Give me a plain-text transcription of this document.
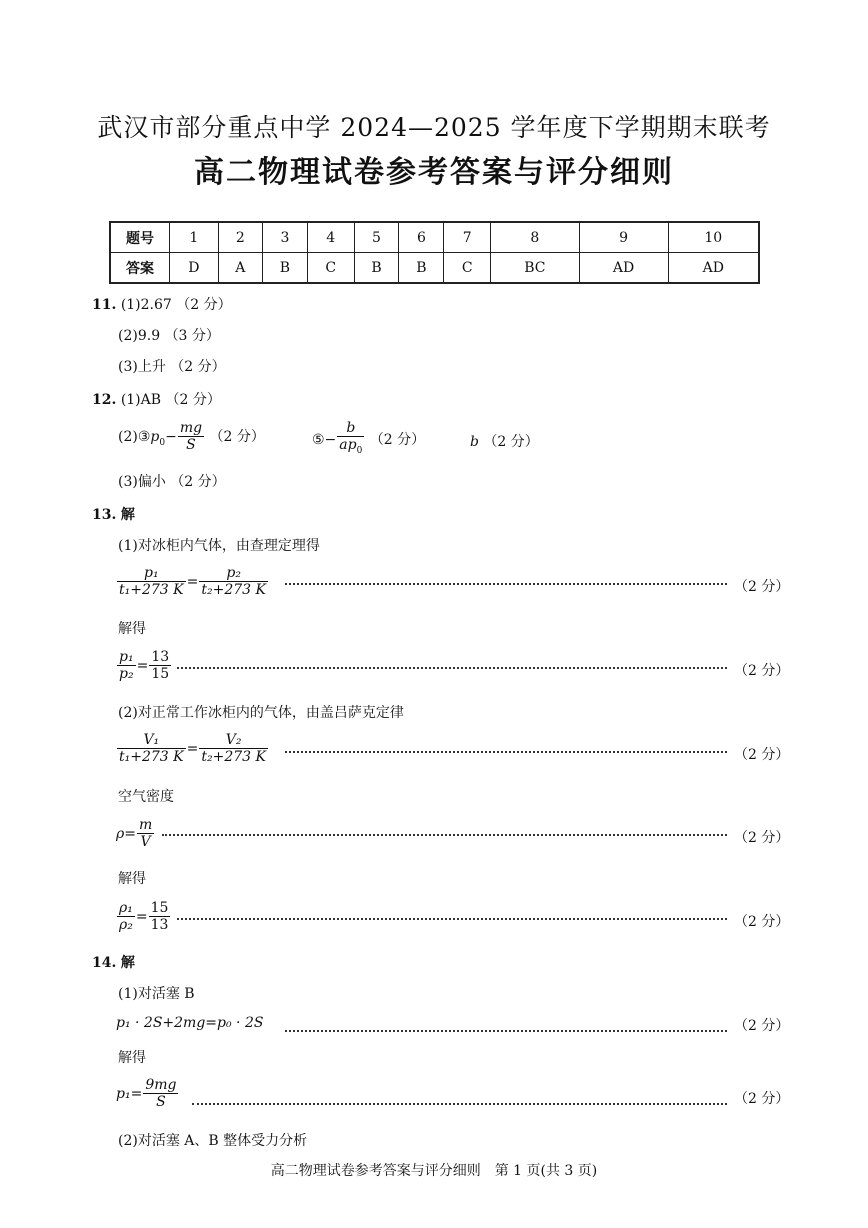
武汉市部分重点中学 2024—2025 学年度下学期期末联考
高二物理试卷参考答案与评分细则
题号	1	2	3	4	5	6	7	8	9	10
答案	D	A	B	C	B	B	C	BC	AD	AD
11. (1)2.67 （2 分）
(2)9.9 （3 分）
(3)上升 （2 分）
12. (1)AB （2 分）
$(2)③p_0- \frac{mg}{S} (2$ 分）	⑤− $\frac{b}{ap_0} (2$ 分）	b （2 分）
(3)偏小 （2 分）
13. 解
(1)对冰柜内气体，由查理定理得
$\frac{\text{p₁}}{\text{t₁+273 K}} = \frac{\text{p₂}}{\text{t₂+273 K}}$	（2 分）
解得
$\frac{\text{p₁}}{\text{p₂}} = \frac{13}{15}$	（2 分）
(2)对正常工作冰柜内的气体，由盖吕萨克定律
$\frac{\text{V₁}}{\text{t₁+273 K}} = \frac{\text{V₂}}{\text{t₂+273 K}}$	（2 分）
空气密度
$\rho= \frac{m}{V}$	（2 分）
解得
$\frac{\text{ρ₁}}{\text{ρ₂}} = \frac{15}{13}$	（2 分）
14. 解
(1)对活塞 B
p₁ · 2S+2mg=p₀ · 2S	（2 分）
解得
$p_1= \frac{9mg}{S}$	（2 分）
(2)对活塞 A、B 整体受力分析
高二物理试卷参考答案与评分细则　第 1 页(共 3 页)
